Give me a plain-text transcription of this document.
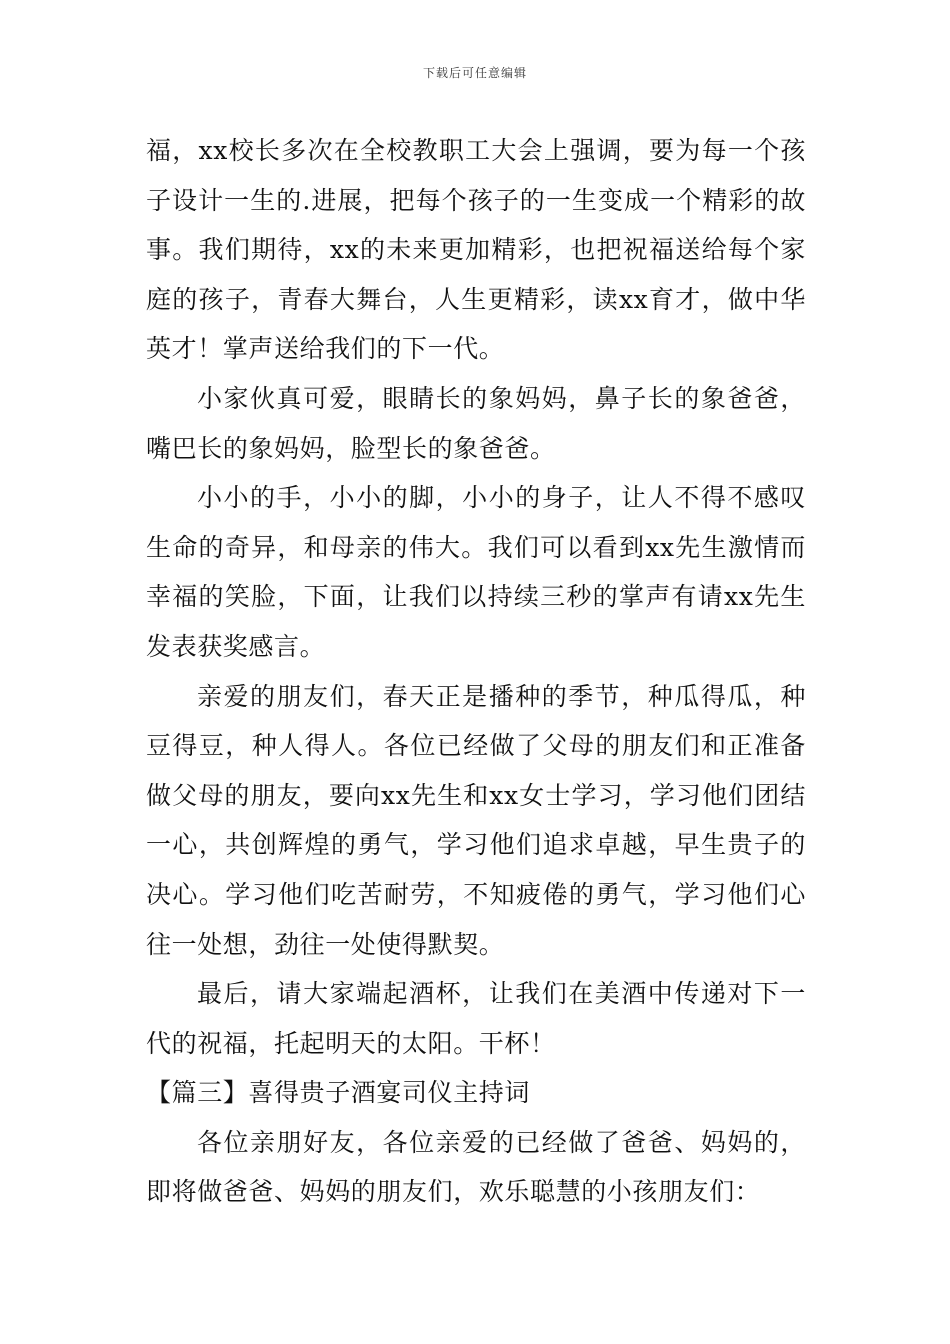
下载后可任意编辑

福，xx校长多次在全校教职工大会上强调，要为每一个孩子设计一生的.进展，把每个孩子的一生变成一个精彩的故事。我们期待，xx的未来更加精彩，也把祝福送给每个家庭的孩子，青春大舞台，人生更精彩，读xx育才，做中华英才！掌声送给我们的下一代。

小家伙真可爱，眼睛长的象妈妈，鼻子长的象爸爸，嘴巴长的象妈妈，脸型长的象爸爸。

小小的手，小小的脚，小小的身子，让人不得不感叹生命的奇异，和母亲的伟大。我们可以看到xx先生激情而幸福的笑脸，下面，让我们以持续三秒的掌声有请xx先生发表获奖感言。

亲爱的朋友们，春天正是播种的季节，种瓜得瓜，种豆得豆，种人得人。各位已经做了父母的朋友们和正准备做父母的朋友，要向xx先生和xx女士学习，学习他们团结一心，共创辉煌的勇气，学习他们追求卓越，早生贵子的决心。学习他们吃苦耐劳，不知疲倦的勇气，学习他们心往一处想，劲往一处使得默契。

最后，请大家端起酒杯，让我们在美酒中传递对下一代的祝福，托起明天的太阳。干杯！

【篇三】喜得贵子酒宴司仪主持词

各位亲朋好友，各位亲爱的已经做了爸爸、妈妈的，即将做爸爸、妈妈的朋友们，欢乐聪慧的小孩朋友们：
